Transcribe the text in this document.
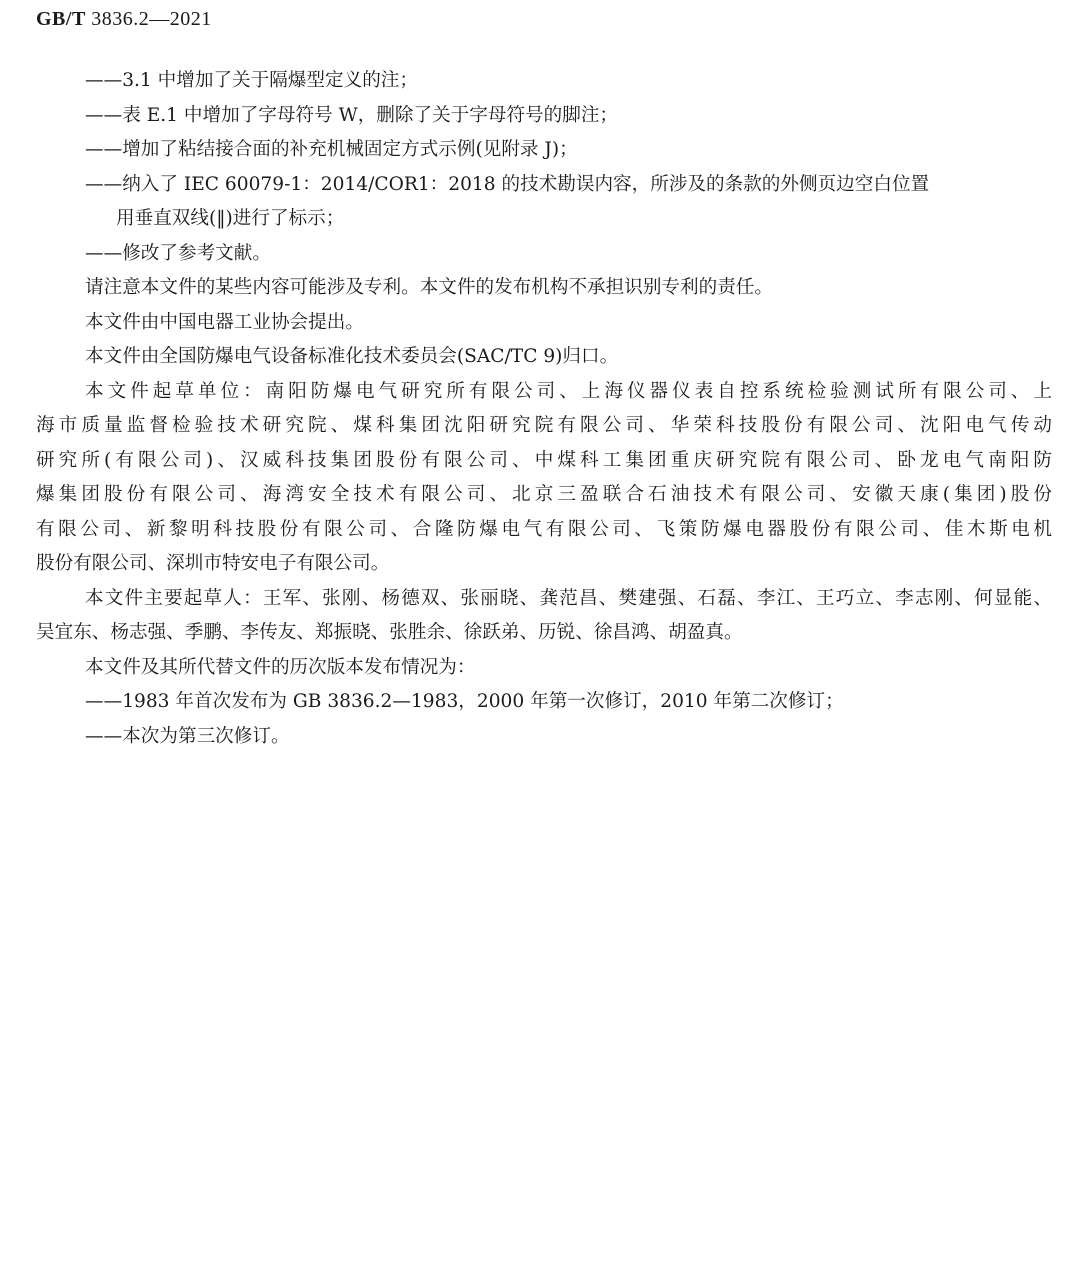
GB/T 3836.2—2021

——3.1 中增加了关于隔爆型定义的注；

——表 E.1 中增加了字母符号 W，删除了关于字母符号的脚注；

——增加了粘结接合面的补充机械固定方式示例(见附录 J)；

——纳入了 IEC 60079-1：2014/COR1：2018 的技术勘误内容，所涉及的条款的外侧页边空白位置

用垂直双线(‖)进行了标示；

——修改了参考文献。

请注意本文件的某些内容可能涉及专利。本文件的发布机构不承担识别专利的责任。

本文件由中国电器工业协会提出。

本文件由全国防爆电气设备标准化技术委员会(SAC/TC 9)归口。

本文件起草单位：南阳防爆电气研究所有限公司、上海仪器仪表自控系统检验测试所有限公司、上

海市质量监督检验技术研究院、煤科集团沈阳研究院有限公司、华荣科技股份有限公司、沈阳电气传动

研究所(有限公司)、汉威科技集团股份有限公司、中煤科工集团重庆研究院有限公司、卧龙电气南阳防

爆集团股份有限公司、海湾安全技术有限公司、北京三盈联合石油技术有限公司、安徽天康(集团)股份

有限公司、新黎明科技股份有限公司、合隆防爆电气有限公司、飞策防爆电器股份有限公司、佳木斯电机

股份有限公司、深圳市特安电子有限公司。

本文件主要起草人：王军、张刚、杨德双、张丽晓、龚范昌、樊建强、石磊、李江、王巧立、李志刚、何显能、

吴宜东、杨志强、季鹏、李传友、郑振晓、张胜余、徐跃弟、历锐、徐昌鸿、胡盈真。

本文件及其所代替文件的历次版本发布情况为：

——1983 年首次发布为 GB 3836.2—1983，2000 年第一次修订，2010 年第二次修订；

——本次为第三次修订。
